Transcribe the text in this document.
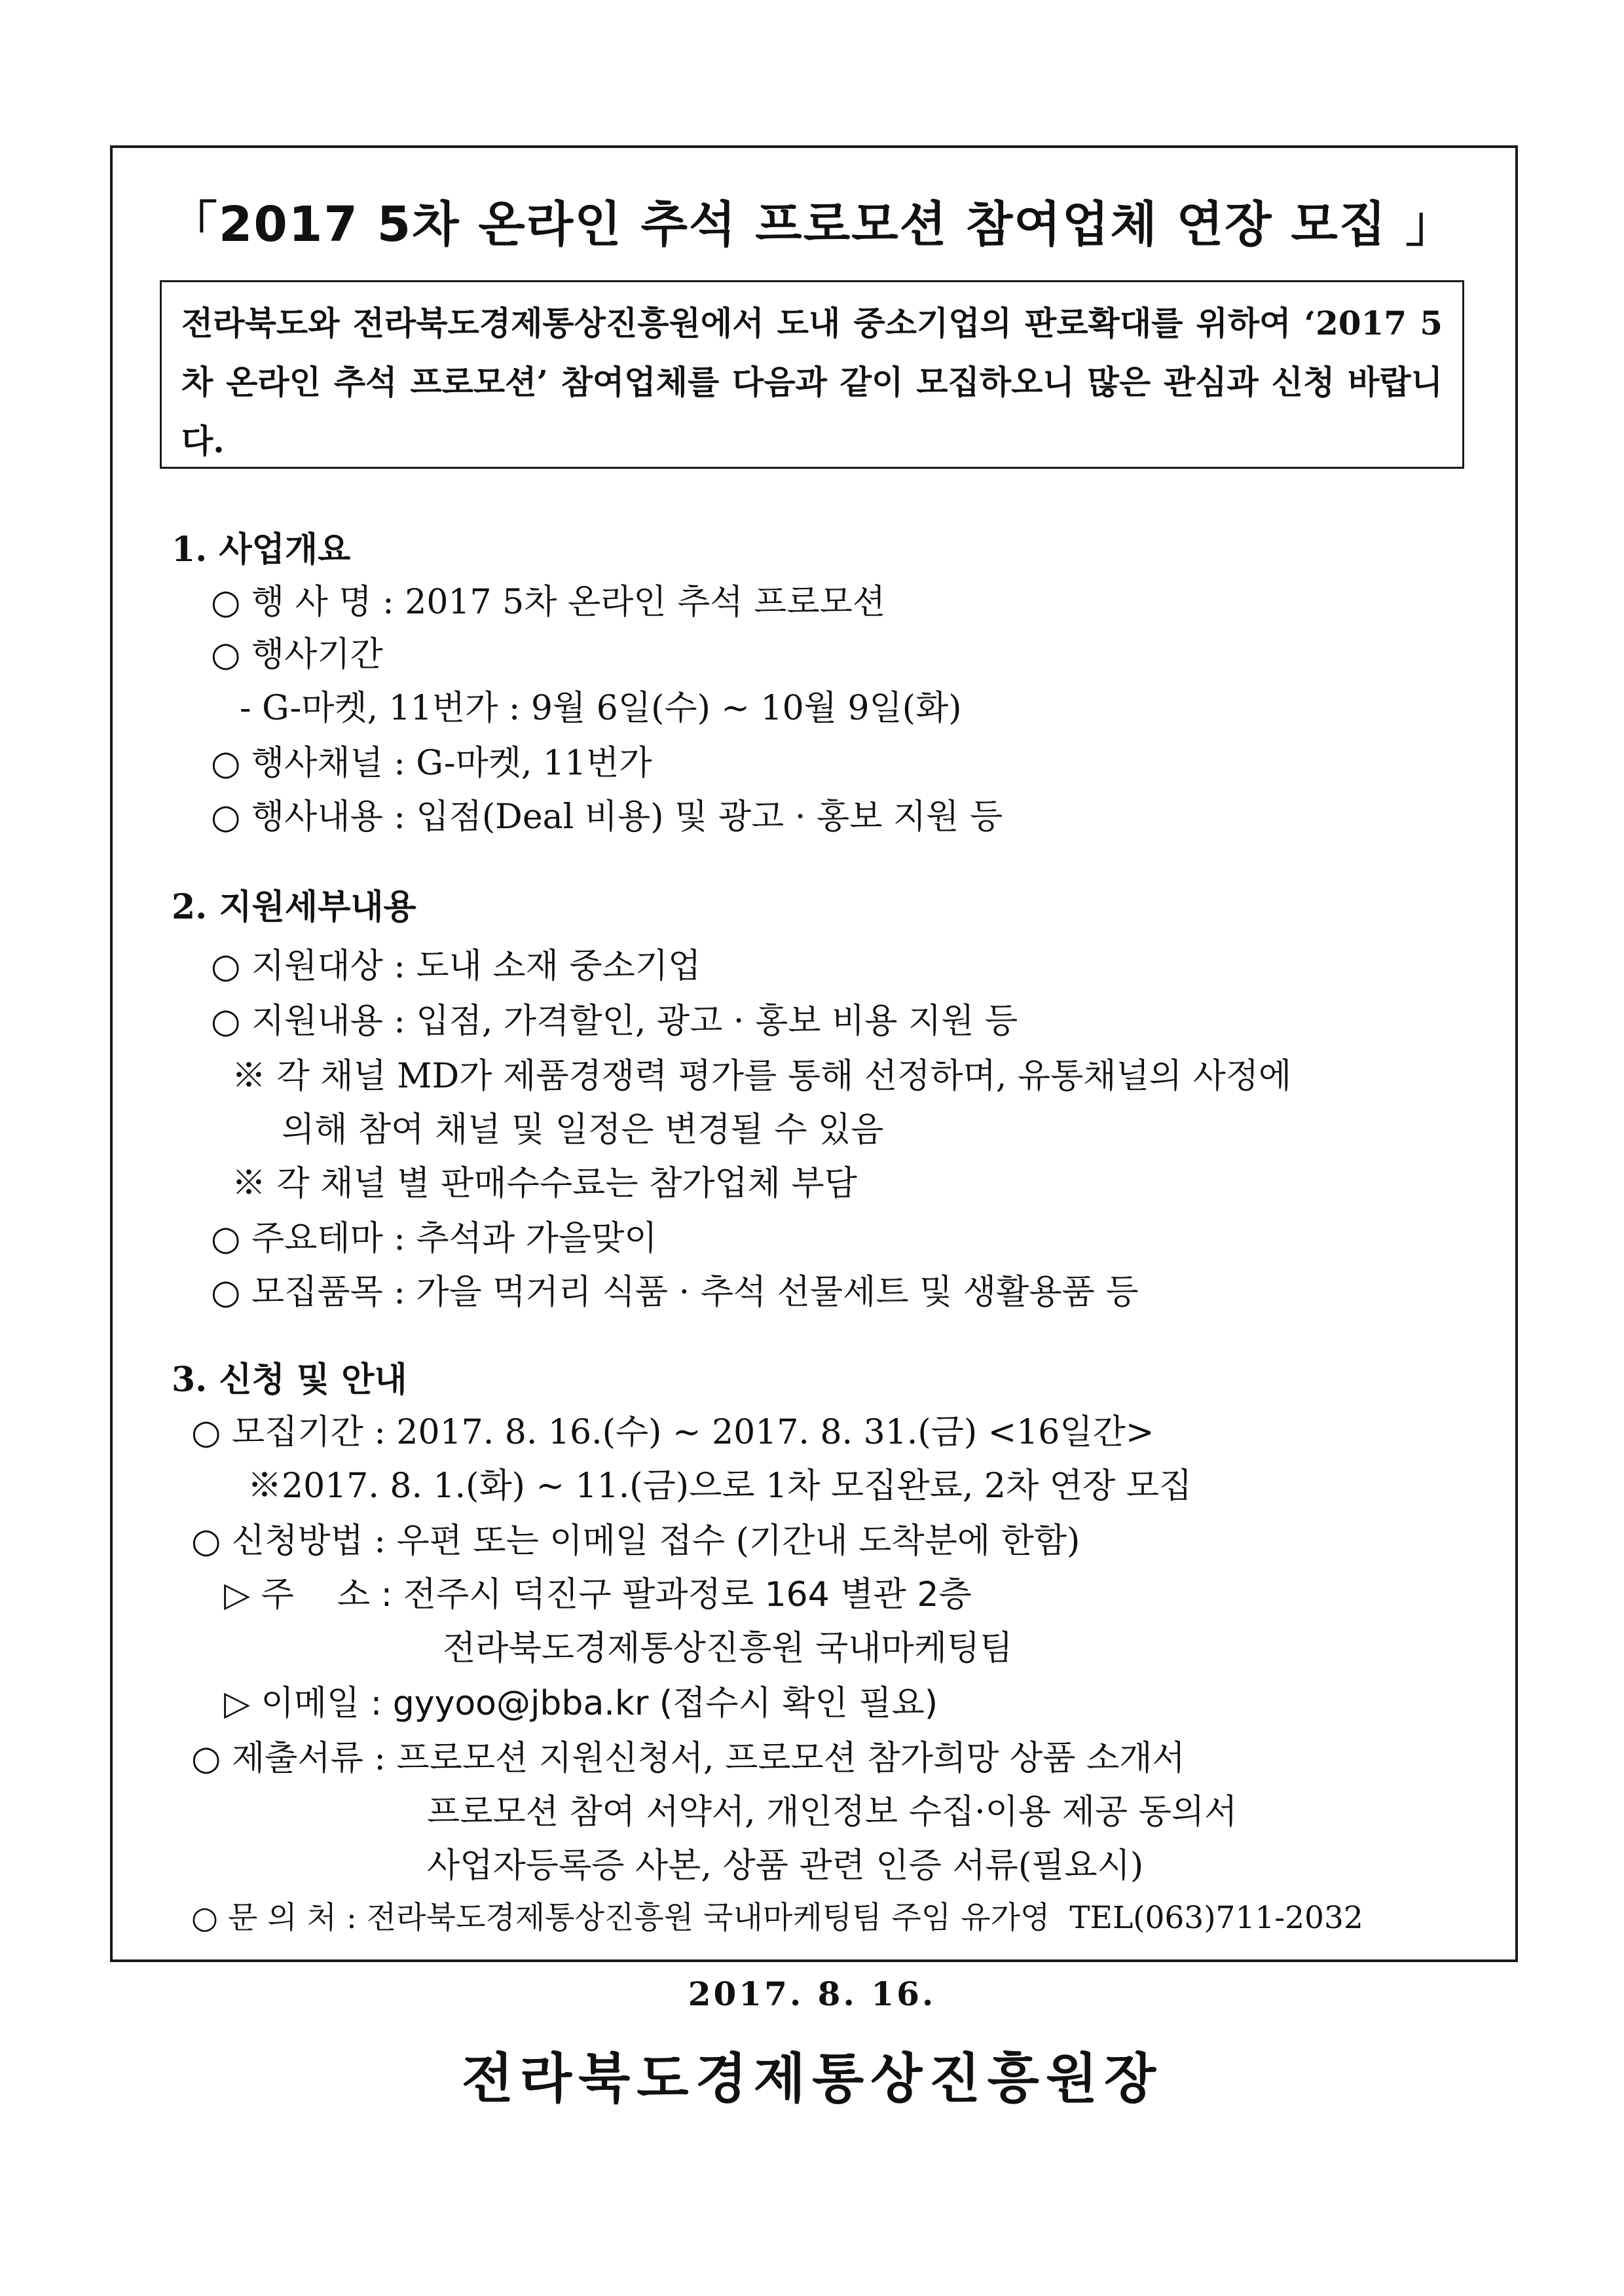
「2017 5차 온라인 추석 프로모션 참여업체 연장 모집 」
전라북도와 전라북도경제통상진흥원에서 도내 중소기업의 판로확대를 위하여 ‘2017 5차 온라인 추석 프로모션’ 참여업체를 다음과 같이 모집하오니 많은 관심과 신청 바랍니다.
1. 사업개요
○ 행 사 명 : 2017 5차 온라인 추석 프로모션
○ 행사기간
- G-마켓, 11번가 : 9월 6일(수) ~ 10월 9일(화)
○ 행사채널 : G-마켓, 11번가
○ 행사내용 : 입점(Deal 비용) 및 광고 · 홍보 지원 등
2. 지원세부내용
○ 지원대상 : 도내 소재 중소기업
○ 지원내용 : 입점, 가격할인, 광고 · 홍보 비용 지원 등
※ 각 채널 MD가 제품경쟁력 평가를 통해 선정하며, 유통채널의 사정에
의해 참여 채널 및 일정은 변경될 수 있음
※ 각 채널 별 판매수수료는 참가업체 부담
○ 주요테마 : 추석과 가을맞이
○ 모집품목 : 가을 먹거리 식품 · 추석 선물세트 및 생활용품 등
3. 신청 및 안내
○ 모집기간 : 2017. 8. 16.(수) ~ 2017. 8. 31.(금) <16일간>
※2017. 8. 1.(화) ~ 11.(금)으로 1차 모집완료, 2차 연장 모집
○ 신청방법 : 우편 또는 이메일 접수 (기간내 도착분에 한함)
▷ 주    소 : 전주시 덕진구 팔과정로 164 별관 2층
전라북도경제통상진흥원 국내마케팅팀
▷ 이메일 : gyyoo@jbba.kr (접수시 확인 필요)
○ 제출서류 : 프로모션 지원신청서, 프로모션 참가희망 상품 소개서
프로모션 참여 서약서, 개인정보 수집·이용 제공 동의서
사업자등록증 사본, 상품 관련 인증 서류(필요시)
○ 문 의 처 : 전라북도경제통상진흥원 국내마케팅팀 주임 유가영  TEL(063)711-2032
2017. 8. 16.
전라북도경제통상진흥원장
